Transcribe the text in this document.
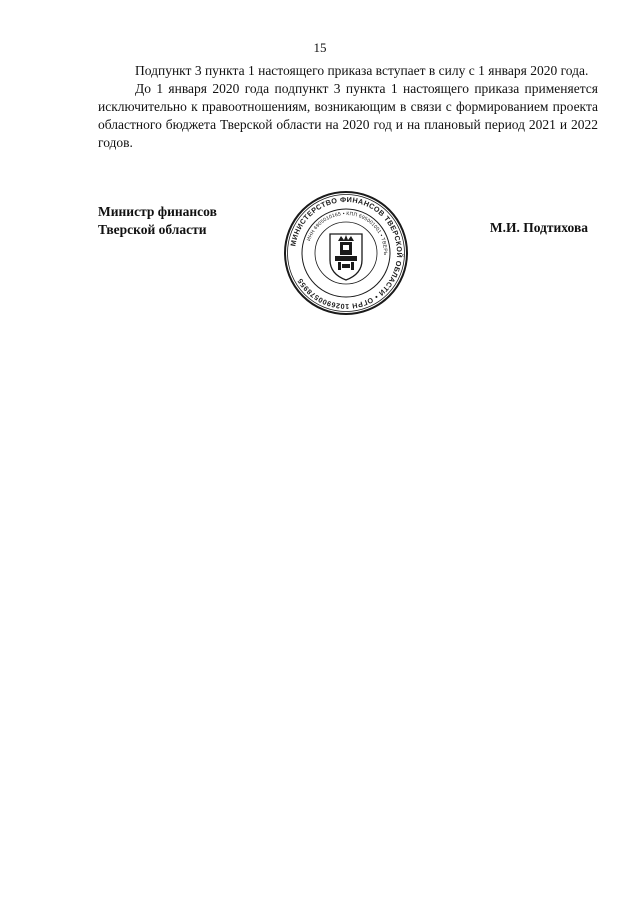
15

Подпункт 3 пункта 1 настоящего приказа вступает в силу с 1 января 2020 года.

До 1 января 2020 года подпункт 3 пункта 1 настоящего приказа применяется исключительно к правоотношениям, возникающим в связи с формированием проекта областного бюджета Тверской области на 2020 год и на плановый период 2021 и 2022 годов.

Министр финансов
Тверской области	М.И. Подтихова
МИНИСТЕРСТВО ФИНАНСОВ ТВЕРСКОЙ ОБЛАСТИ • ОГРН 1026900578955
ИНН 6905010165 • КПП 695001001 • ТВЕРЬ
